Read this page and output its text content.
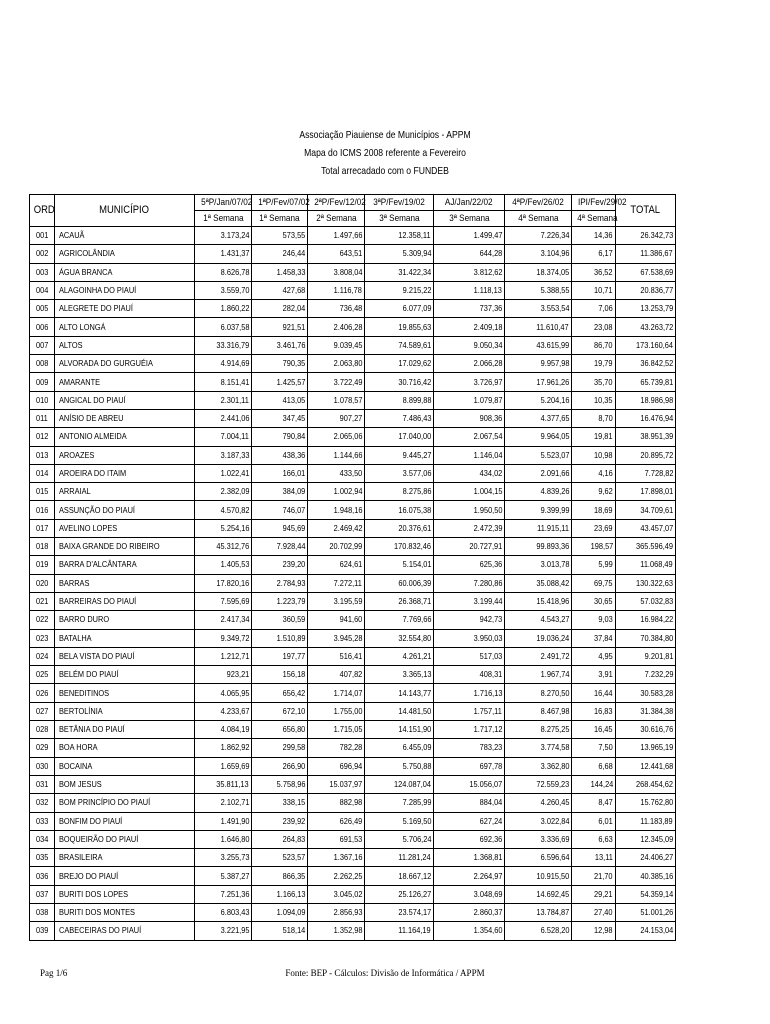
Associação Piauiense de Municípios - APPM
Mapa do ICMS 2008 referente a Fevereiro
Total arrecadado com o FUNDEB
ORD	MUNICÍPIO	5ªP/Jan/07/02	1ªP/Fev/07/02	2ªP/Fev/12/02	3ªP/Fev/19/02	AJ/Jan/22/02	4ªP/Fev/26/02	IPI/Fev/29/02	TOTAL
		1ª Semana	1ª Semana	2ª Semana	3ª Semana	3ª Semana	4ª Semana	4ª Semana	
001	ACAUÃ	3.173,24	573,55	1.497,66	12.358,11	1.499,47	7.226,34	14,36	26.342,73
002	AGRICOLÂNDIA	1.431,37	246,44	643,51	5.309,94	644,28	3.104,96	6,17	11.386,67
003	ÁGUA BRANCA	8.626,78	1.458,33	3.808,04	31.422,34	3.812,62	18.374,05	36,52	67.538,69
004	ALAGOINHA DO PIAUÍ	3.559,70	427,68	1.116,78	9.215,22	1.118,13	5.388,55	10,71	20.836,77
005	ALEGRETE DO PIAUÍ	1.860,22	282,04	736,48	6.077,09	737,36	3.553,54	7,06	13.253,79
006	ALTO LONGÁ	6.037,58	921,51	2.406,28	19.855,63	2.409,18	11.610,47	23,08	43.263,72
007	ALTOS	33.316,79	3.461,76	9.039,45	74.589,61	9.050,34	43.615,99	86,70	173.160,64
008	ALVORADA DO GURGUÉIA	4.914,69	790,35	2.063,80	17.029,62	2.066,28	9.957,98	19,79	36.842,52
009	AMARANTE	8.151,41	1.425,57	3.722,49	30.716,42	3.726,97	17.961,26	35,70	65.739,81
010	ANGICAL DO PIAUÍ	2.301,11	413,05	1.078,57	8.899,88	1.079,87	5.204,16	10,35	18.986,98
011	ANÍSIO DE ABREU	2.441,06	347,45	907,27	7.486,43	908,36	4.377,65	8,70	16.476,94
012	ANTONIO ALMEIDA	7.004,11	790,84	2.065,06	17.040,00	2.067,54	9.964,05	19,81	38.951,39
013	AROAZES	3.187,33	438,36	1.144,66	9.445,27	1.146,04	5.523,07	10,98	20.895,72
014	AROEIRA DO ITAIM	1.022,41	166,01	433,50	3.577,06	434,02	2.091,66	4,16	7.728,82
015	ARRAIAL	2.382,09	384,09	1.002,94	8.275,86	1.004,15	4.839,26	9,62	17.898,01
016	ASSUNÇÃO DO PIAUÍ	4.570,82	746,07	1.948,16	16.075,38	1.950,50	9.399,99	18,69	34.709,61
017	AVELINO LOPES	5.254,16	945,69	2.469,42	20.376,61	2.472,39	11.915,11	23,69	43.457,07
018	BAIXA GRANDE DO RIBEIRO	45.312,76	7.928,44	20.702,99	170.832,46	20.727,91	99.893,36	198,57	365.596,49
019	BARRA D'ALCÂNTARA	1.405,53	239,20	624,61	5.154,01	625,36	3.013,78	5,99	11.068,49
020	BARRAS	17.820,16	2.784,93	7.272,11	60.006,39	7.280,86	35.088,42	69,75	130.322,63
021	BARREIRAS DO PIAUÍ	7.595,69	1.223,79	3.195,59	26.368,71	3.199,44	15.418,96	30,65	57.032,83
022	BARRO DURO	2.417,34	360,59	941,60	7.769,66	942,73	4.543,27	9,03	16.984,22
023	BATALHA	9.349,72	1.510,89	3.945,28	32.554,80	3.950,03	19.036,24	37,84	70.384,80
024	BELA VISTA DO PIAUÍ	1.212,71	197,77	516,41	4.261,21	517,03	2.491,72	4,95	9.201,81
025	BELÉM DO PIAUÍ	923,21	156,18	407,82	3.365,13	408,31	1.967,74	3,91	7.232,29
026	BENEDITINOS	4.065,95	656,42	1.714,07	14.143,77	1.716,13	8.270,50	16,44	30.583,28
027	BERTOLÍNIA	4.233,67	672,10	1.755,00	14.481,50	1.757,11	8.467,98	16,83	31.384,38
028	BETÂNIA DO PIAUÍ	4.084,19	656,80	1.715,05	14.151,90	1.717,12	8.275,25	16,45	30.616,76
029	BOA HORA	1.862,92	299,58	782,28	6.455,09	783,23	3.774,58	7,50	13.965,19
030	BOCAINA	1.659,69	266,90	696,94	5.750,88	697,78	3.362,80	6,68	12.441,68
031	BOM JESUS	35.811,13	5.758,96	15.037,97	124.087,04	15.056,07	72.559,23	144,24	268.454,62
032	BOM PRINCÍPIO DO PIAUÍ	2.102,71	338,15	882,98	7.285,99	884,04	4.260,45	8,47	15.762,80
033	BONFIM DO PIAUÍ	1.491,90	239,92	626,49	5.169,50	627,24	3.022,84	6,01	11.183,89
034	BOQUEIRÃO DO PIAUÍ	1.646,80	264,83	691,53	5.706,24	692,36	3.336,69	6,63	12.345,09
035	BRASILEIRA	3.255,73	523,57	1.367,16	11.281,24	1.368,81	6.596,64	13,11	24.406,27
036	BREJO DO PIAUÍ	5.387,27	866,35	2.262,25	18.667,12	2.264,97	10.915,50	21,70	40.385,16
037	BURITI DOS LOPES	7.251,36	1.166,13	3.045,02	25.126,27	3.048,69	14.692,45	29,21	54.359,14
038	BURITI DOS MONTES	6.803,43	1.094,09	2.856,93	23.574,17	2.860,37	13.784,87	27,40	51.001,26
039	CABECEIRAS DO PIAUÍ	3.221,95	518,14	1.352,98	11.164,19	1.354,60	6.528,20	12,98	24.153,04
Pag 1/6	Fonte: BEP - Cálculos: Divisão de Informática / APPM
